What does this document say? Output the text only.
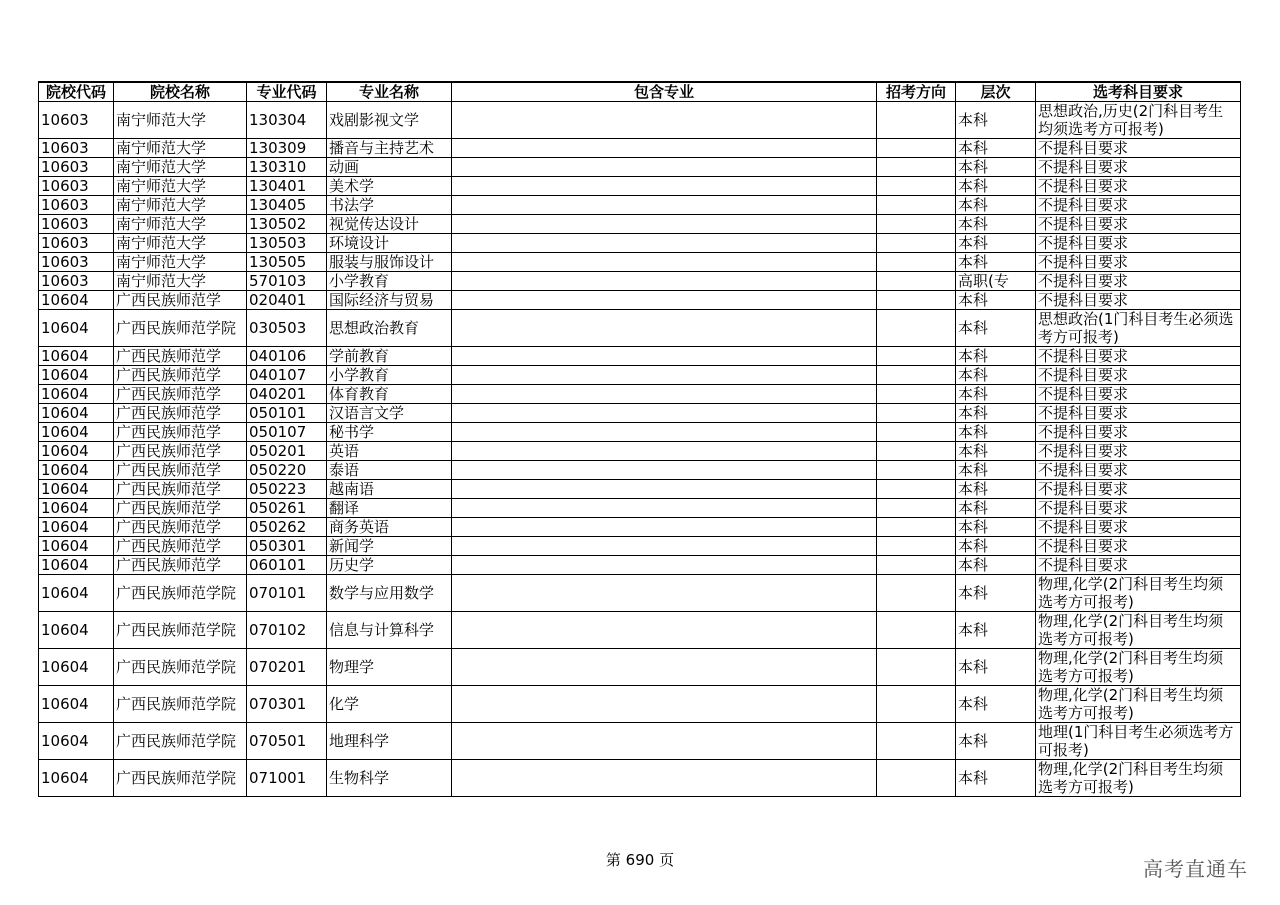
院校代码	院校名称	专业代码	专业名称	包含专业	招考方向	层次	选考科目要求
10603	南宁师范大学	130304	戏剧影视文学			本科	思想政治,历史(2门科目考生均须选考方可报考)
10603	南宁师范大学	130309	播音与主持艺术			本科	不提科目要求
10603	南宁师范大学	130310	动画			本科	不提科目要求
10603	南宁师范大学	130401	美术学			本科	不提科目要求
10603	南宁师范大学	130405	书法学			本科	不提科目要求
10603	南宁师范大学	130502	视觉传达设计			本科	不提科目要求
10603	南宁师范大学	130503	环境设计			本科	不提科目要求
10603	南宁师范大学	130505	服装与服饰设计			本科	不提科目要求
10603	南宁师范大学	570103	小学教育			高职(专	不提科目要求
10604	广西民族师范学	020401	国际经济与贸易			本科	不提科目要求
10604	广西民族师范学院	030503	思想政治教育			本科	思想政治(1门科目考生必须选考方可报考)
10604	广西民族师范学	040106	学前教育			本科	不提科目要求
10604	广西民族师范学	040107	小学教育			本科	不提科目要求
10604	广西民族师范学	040201	体育教育			本科	不提科目要求
10604	广西民族师范学	050101	汉语言文学			本科	不提科目要求
10604	广西民族师范学	050107	秘书学			本科	不提科目要求
10604	广西民族师范学	050201	英语			本科	不提科目要求
10604	广西民族师范学	050220	泰语			本科	不提科目要求
10604	广西民族师范学	050223	越南语			本科	不提科目要求
10604	广西民族师范学	050261	翻译			本科	不提科目要求
10604	广西民族师范学	050262	商务英语			本科	不提科目要求
10604	广西民族师范学	050301	新闻学			本科	不提科目要求
10604	广西民族师范学	060101	历史学			本科	不提科目要求
10604	广西民族师范学院	070101	数学与应用数学			本科	物理,化学(2门科目考生均须选考方可报考)
10604	广西民族师范学院	070102	信息与计算科学			本科	物理,化学(2门科目考生均须选考方可报考)
10604	广西民族师范学院	070201	物理学			本科	物理,化学(2门科目考生均须选考方可报考)
10604	广西民族师范学院	070301	化学			本科	物理,化学(2门科目考生均须选考方可报考)
10604	广西民族师范学院	070501	地理科学			本科	地理(1门科目考生必须选考方可报考)
10604	广西民族师范学院	071001	生物科学			本科	物理,化学(2门科目考生均须选考方可报考)
第 690 页	高考直通车
